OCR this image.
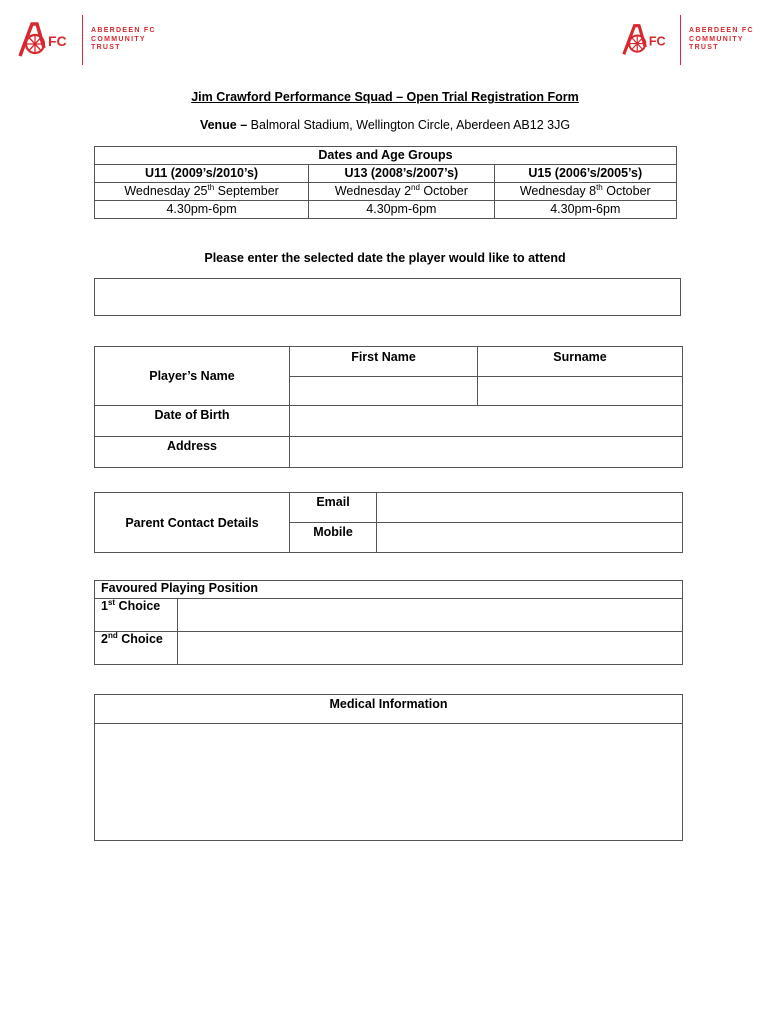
FC
ABERDEEN FC
COMMUNITY
TRUST	FC
ABERDEEN FC
COMMUNITY
TRUST
Jim Crawford Performance Squad – Open Trial Registration Form
Venue – Balmoral Stadium, Wellington Circle, Aberdeen AB12 3JG
Dates and Age Groups		
U11 (2009’s/2010’s)	U13 (2008’s/2007’s)	U15 (2006’s/2005’s)
Wednesday 25th September	Wednesday 2nd October	Wednesday 8th October
4.30pm-6pm	4.30pm-6pm	4.30pm-6pm
Please enter the selected date the player would like to attend
Player’s Name	First Name	Surname

Date of Birth		
Address		
Parent Contact Details	Email	
	Mobile	
Favoured Playing Position	
1st Choice	
2nd Choice	
Medical Information
